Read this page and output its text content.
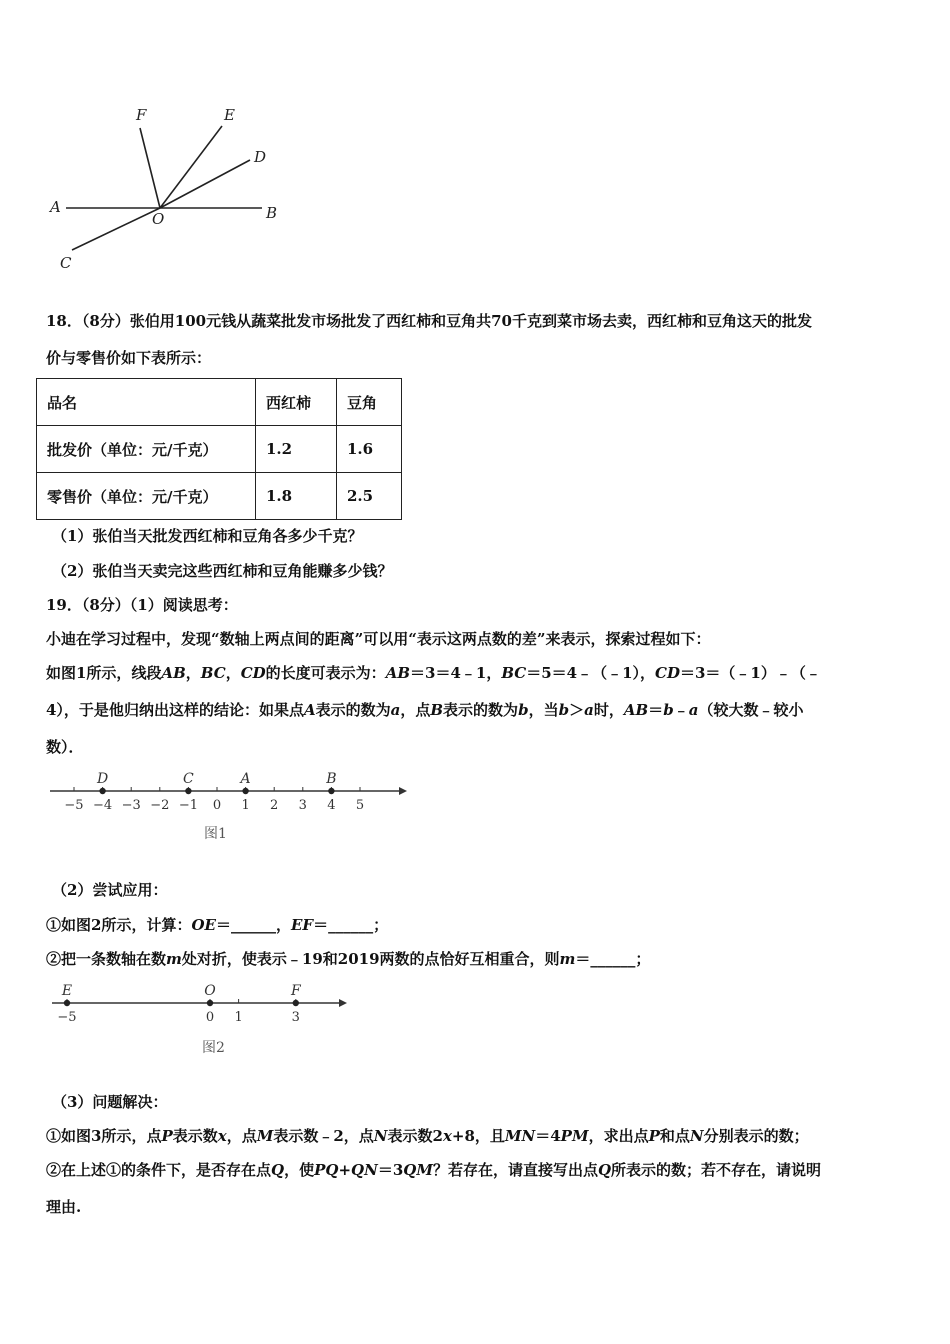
A	B
C
D
E
F
O
18．（8分）张伯用100元钱从蔬菜批发市场批发了西红柿和豆角共70千克到菜市场去卖，西红柿和豆角这天的批发
价与零售价如下表所示：
品名	西红柿	豆角
批发价（单位：元/千克）	1.2	1.6
零售价（单位：元/千克）	1.8	2.5
（1）张伯当天批发西红柿和豆角各多少千克？
（2）张伯当天卖完这些西红柿和豆角能赚多少钱？
19．（8分）（1）阅读思考：
小迪在学习过程中，发现“数轴上两点间的距离”可以用“表示这两点数的差”来表示，探索过程如下：
如图1所示，线段AB，BC，CD的长度可表示为：AB＝3＝4﹣1，BC＝5＝4﹣（﹣1），CD＝3＝（﹣1）﹣（﹣
4），于是他归纳出这样的结论：如果点A表示的数为a，点B表示的数为b，当b＞a时，AB＝b﹣a（较大数﹣较小
数）．
−5 −4 −3 −2 −1 0 1 2 3 4 5
D	C	A	B
图1
（2）尝试应用：
①如图2所示，计算：OE＝______，EF＝______；
②把一条数轴在数m处对折，使表示﹣19和2019两数的点恰好互相重合，则m＝______；
−5	0 1	3
E	O	F
图2
（3）问题解决：
①如图3所示，点P表示数x，点M表示数﹣2，点N表示数2x+8，且MN＝4PM，求出点P和点N分别表示的数；
②在上述①的条件下，是否存在点Q，使PQ+QN＝3QM？若存在，请直接写出点Q所表示的数；若不存在，请说明
理由.
